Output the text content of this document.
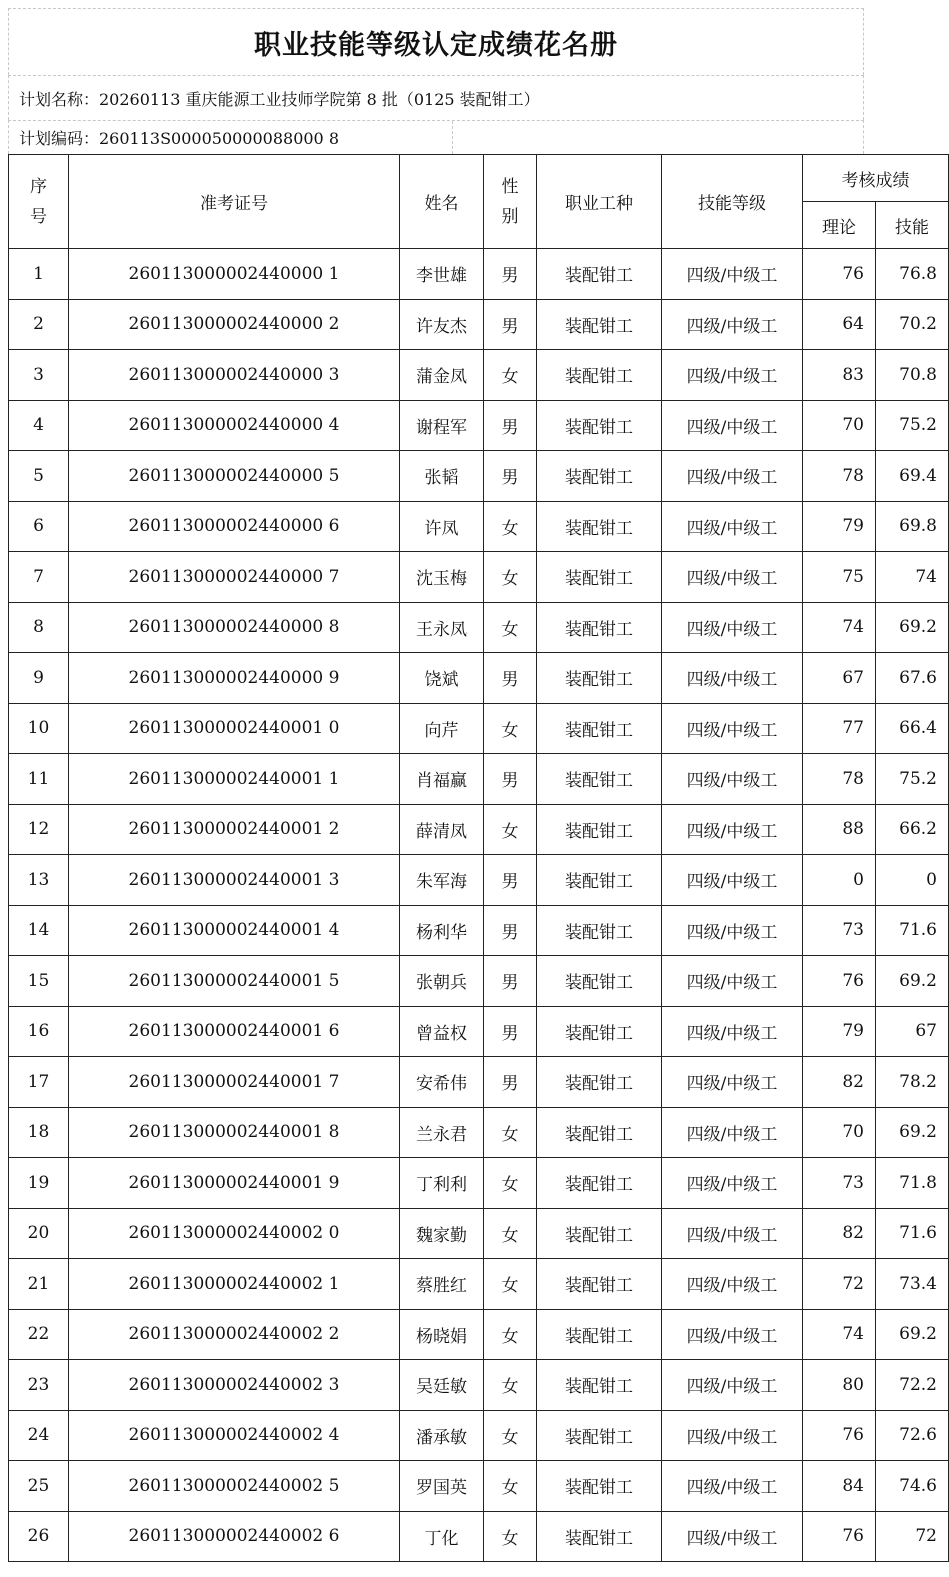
职业技能等级认定成绩花名册
计划名称：20260113 重庆能源工业技师学院第 8 批（0125 装配钳工）
计划编码：260113S000050000088000 8
序
号	准考证号	姓名	性
别	职业工种	技能等级	考核成绩	
						理论	技能
1	260113000002440000 1	李世雄	男	装配钳工	四级/中级工	76	76.8
2	260113000002440000 2	许友杰	男	装配钳工	四级/中级工	64	70.2
3	260113000002440000 3	蒲金凤	女	装配钳工	四级/中级工	83	70.8
4	260113000002440000 4	谢程军	男	装配钳工	四级/中级工	70	75.2
5	260113000002440000 5	张韬	男	装配钳工	四级/中级工	78	69.4
6	260113000002440000 6	许凤	女	装配钳工	四级/中级工	79	69.8
7	260113000002440000 7	沈玉梅	女	装配钳工	四级/中级工	75	74
8	260113000002440000 8	王永凤	女	装配钳工	四级/中级工	74	69.2
9	260113000002440000 9	饶斌	男	装配钳工	四级/中级工	67	67.6
10	260113000002440001 0	向芹	女	装配钳工	四级/中级工	77	66.4
11	260113000002440001 1	肖福赢	男	装配钳工	四级/中级工	78	75.2
12	260113000002440001 2	薛清凤	女	装配钳工	四级/中级工	88	66.2
13	260113000002440001 3	朱军海	男	装配钳工	四级/中级工	0	0
14	260113000002440001 4	杨利华	男	装配钳工	四级/中级工	73	71.6
15	260113000002440001 5	张朝兵	男	装配钳工	四级/中级工	76	69.2
16	260113000002440001 6	曾益权	男	装配钳工	四级/中级工	79	67
17	260113000002440001 7	安希伟	男	装配钳工	四级/中级工	82	78.2
18	260113000002440001 8	兰永君	女	装配钳工	四级/中级工	70	69.2
19	260113000002440001 9	丁利利	女	装配钳工	四级/中级工	73	71.8
20	260113000002440002 0	魏家勤	女	装配钳工	四级/中级工	82	71.6
21	260113000002440002 1	蔡胜红	女	装配钳工	四级/中级工	72	73.4
22	260113000002440002 2	杨晓娟	女	装配钳工	四级/中级工	74	69.2
23	260113000002440002 3	吴廷敏	女	装配钳工	四级/中级工	80	72.2
24	260113000002440002 4	潘承敏	女	装配钳工	四级/中级工	76	72.6
25	260113000002440002 5	罗国英	女	装配钳工	四级/中级工	84	74.6
26	260113000002440002 6	丁化	女	装配钳工	四级/中级工	76	72
